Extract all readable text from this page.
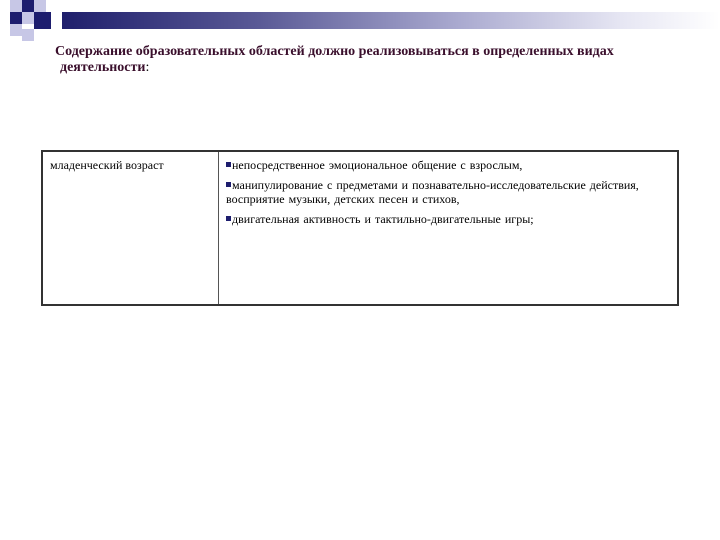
Содержание образовательных областей должно реализовываться в определенных видах
деятельности:
младенческий возраст	непосредственное эмоциональное общение с взрослым,
манипулирование с предметами и познавательно-исследовательские действия, восприятие музыки, детских песен и стихов,
двигательная активность и тактильно-двигательные игры;
